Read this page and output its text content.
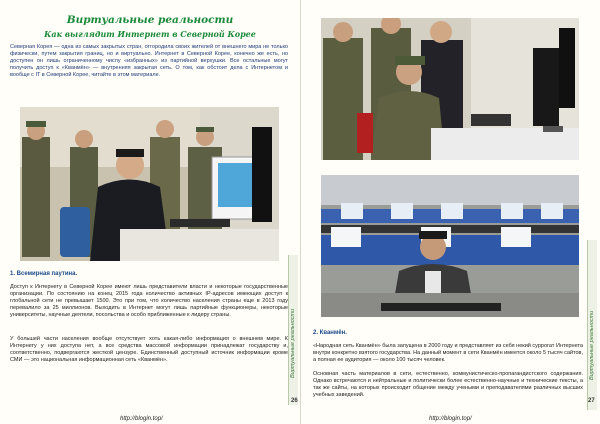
Виртуальные реальности
Как выглядит Интернет в Северной Корее
Северная Корея — одна из самых закрытых стран, отгородила своих жителей от внешнего мира не только физически, путем закрытия границ, но и виртуально. Интернет в Северной Корее, конечно же есть, но доступен он лишь ограниченному числу «избранных» из партийной верхушки. Все остальные могут получить доступ к «Кванмён» — внутренняя закрытая сеть. О том, как обстоит дела с Интернетом и вообще с IT в Северной Корее, читайте в этом материале.
1. Всемирная паутина.
Доступ к Интернету в Северной Корее имеют лишь представители власти и некоторые государственные организации. По состоянию на конец 2015 года количество активных IP-адресов имеющих доступ к глобальной сети не превышает 1500. Это при том, что количество населения страны еще в 2013 году перевалило за 25 миллионов. Выходить в Интернет могут лишь партийные функционеры, некоторые университеты, научные деятели, посольства и особо приближенные к лидеру страны.
У большей части населения вообще отсутствует хоть какая-либо информация о внешнем мире. К Интернету у них доступа нет, а все средства массовой информации принадлежат государству и, соответственно, подвергаются жесткой цензуре. Единственный доступный источник информации кроме СМИ — это национальная информационная сеть «Кванмён».	Виртуальные реальности
26
http://blogin.top/
2. Кванмён.
«Народная сеть Кванмён» была запущена в 2000 году и представляет из себя некий суррогат Интернета внутри конкретно взятого государства. На данный момент в сети Кванмён имеется около 5 тысяч сайтов, а полная ее аудитория — около 100 тысяч человек.
Основная часть материалов в сети, естественно, коммунистическо-пропагандистского содержания. Однако встречаются и нейтральные и политически более естественно-научные и технические тексты, а так же сайты, на которых происходит общение между учеными и преподавателями различных высших учебных заведений.
Виртуальные реальности
27
http://blogin.top/
